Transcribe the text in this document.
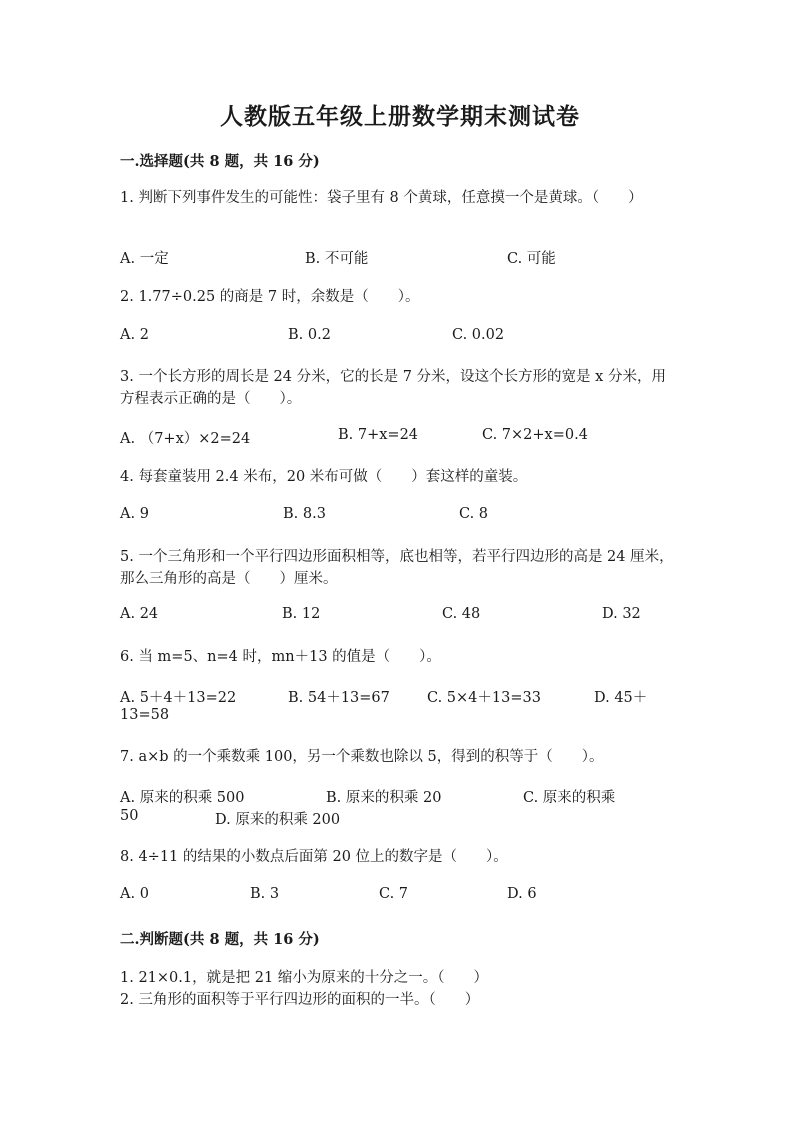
人教版五年级上册数学期末测试卷
一.选择题(共 8 题，共 16 分)
1. 判断下列事件发生的可能性：袋子里有 8 个黄球，任意摸一个是黄球。（　　）
A. 一定	B. 不可能	C. 可能
2. 1.77÷0.25 的商是 7 时，余数是（　　）。
A. 2	B. 0.2	C. 0.02
3. 一个长方形的周长是 24 分米，它的长是 7 分米，设这个长方形的宽是 x 分米，用方程表示正确的是（　　）。
A. （7+x）×2=24	B. 7+x=24	C. 7×2+x=0.4
4. 每套童装用 2.4 米布，20 米布可做（　　）套这样的童装。
A. 9	B. 8.3	C. 8
5. 一个三角形和一个平行四边形面积相等，底也相等，若平行四边形的高是 24 厘米，那么三角形的高是（　　）厘米。
A. 24	B. 12	C. 48	D. 32
6. 当 m=5、n=4 时，mn＋13 的值是（　　）。
A. 5＋4＋13=22	B. 54＋13=67	C. 5×4＋13=33	D. 45＋
13=58
7. a×b 的一个乘数乘 100，另一个乘数也除以 5，得到的积等于（　　）。
A. 原来的积乘 500	B. 原来的积乘 20	C. 原来的积乘
50	D. 原来的积乘 200
8. 4÷11 的结果的小数点后面第 20 位上的数字是（　　）。
A. 0	B. 3	C. 7	D. 6
二.判断题(共 8 题，共 16 分)
1. 21×0.1，就是把 21 缩小为原来的十分之一。（　　）
2. 三角形的面积等于平行四边形的面积的一半。（　　）
